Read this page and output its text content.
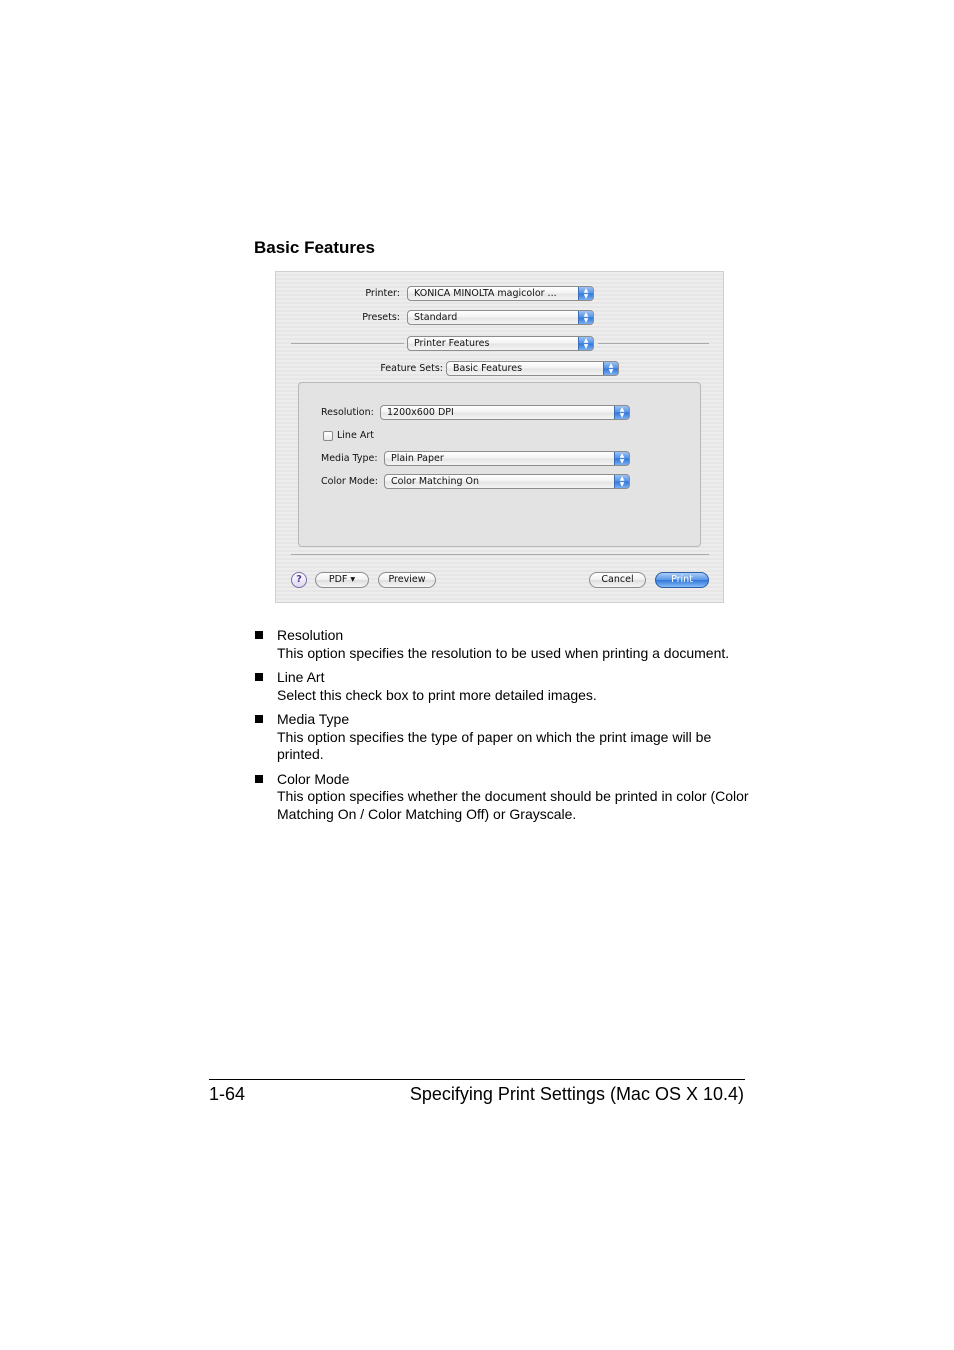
Basic Features
Printer:	KONICA MINOLTA magicolor ...	▲
▼
Presets:	Standard	▲
▼
Printer Features	▲
▼
Feature Sets:	Basic Features	▲
▼
Resolution:	1200x600 DPI	▲
▼
Line Art
Media Type:	Plain Paper	▲
▼
Color Mode:	Color Matching On	▲
▼
?	PDF ▾	Preview	Cancel	Print
Resolution
This option specifies the resolution to be used when printing a document.
Line Art
Select this check box to print more detailed images.
Media Type
This option specifies the type of paper on which the print image will be printed.
Color Mode
This option specifies whether the document should be printed in color (Color Matching On / Color Matching Off) or Grayscale.
1-64	Specifying Print Settings (Mac OS X 10.4)
